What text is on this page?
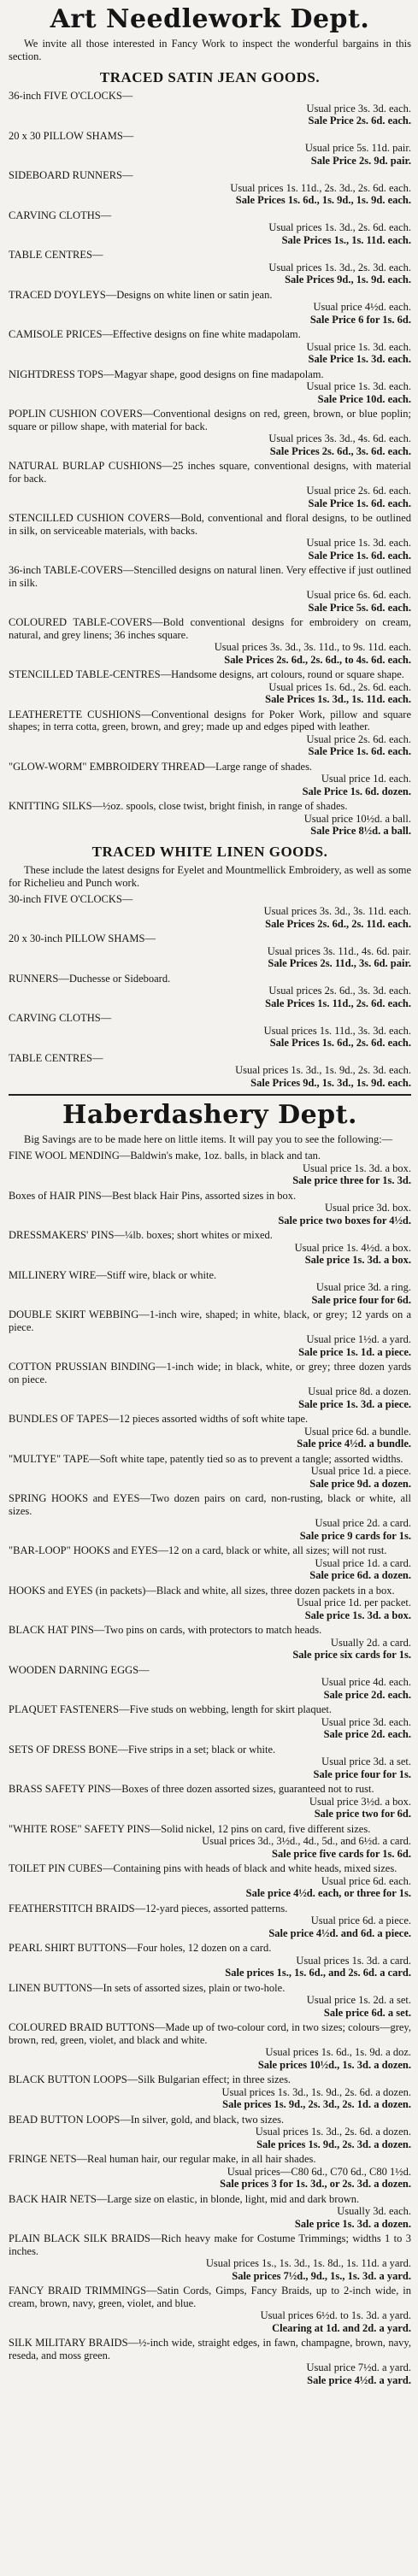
Art Needlework Dept.

We invite all those interested in Fancy Work to inspect the wonderful bargains in this section.

TRACED SATIN JEAN GOODS.
36-inch FIVE O'CLOCKS—
Usual price 3s. 3d. each.
Sale Price 2s. 6d. each.
20 x 30 PILLOW SHAMS—
Usual price 5s. 11d. pair.
Sale Price 2s. 9d. pair.
SIDEBOARD RUNNERS—
Usual prices 1s. 11d., 2s. 3d., 2s. 6d. each.
Sale Prices 1s. 6d., 1s. 9d., 1s. 9d. each.
CARVING CLOTHS—
Usual prices 1s. 3d., 2s. 6d. each.
Sale Prices 1s., 1s. 11d. each.
TABLE CENTRES—
Usual prices 1s. 3d., 2s. 3d. each.
Sale Prices 9d., 1s. 9d. each.
TRACED D'OYLEYS—Designs on white linen or satin jean.
Usual price 4½d. each.
Sale Price 6 for 1s. 6d.
CAMISOLE PRICES—Effective designs on fine white madapolam.
Usual price 1s. 3d. each.
Sale Price 1s. 3d. each.
NIGHTDRESS TOPS—Magyar shape, good designs on fine madapolam.
Usual price 1s. 3d. each.
Sale Price 10d. each.
POPLIN CUSHION COVERS—Conventional designs on red, green, brown, or blue poplin; square or pillow shape, with material for back.
Usual prices 3s. 3d., 4s. 6d. each.
Sale Prices 2s. 6d., 3s. 6d. each.
NATURAL BURLAP CUSHIONS—25 inches square, conventional designs, with material for back.
Usual price 2s. 6d. each.
Sale Price 1s. 6d. each.
STENCILLED CUSHION COVERS—Bold, conventional and floral designs, to be outlined in silk, on serviceable materials, with backs.
Usual price 1s. 3d. each.
Sale Price 1s. 6d. each.
36-inch TABLE-COVERS—Stencilled designs on natural linen. Very effective if just outlined in silk.
Usual price 6s. 6d. each.
Sale Price 5s. 6d. each.
COLOURED TABLE-COVERS—Bold conventional designs for embroidery on cream, natural, and grey linens; 36 inches square.
Usual prices 3s. 3d., 3s. 11d., to 9s. 11d. each.
Sale Prices 2s. 6d., 2s. 6d., to 4s. 6d. each.
STENCILLED TABLE-CENTRES—Handsome designs, art colours, round or square shape.
Usual prices 1s. 6d., 2s. 6d. each.
Sale Prices 1s. 3d., 1s. 11d. each.
LEATHERETTE CUSHIONS—Conventional designs for Poker Work, pillow and square shapes; in terra cotta, green, brown, and grey; made up and edges piped with leather.
Usual price 2s. 6d. each.
Sale Price 1s. 6d. each.
"GLOW-WORM" EMBROIDERY THREAD—Large range of shades.
Usual price 1d. each.
Sale Price 1s. 6d. dozen.
KNITTING SILKS—½oz. spools, close twist, bright finish, in range of shades.
Usual price 10½d. a ball.
Sale Price 8½d. a ball.
TRACED WHITE LINEN GOODS.

These include the latest designs for Eyelet and Mountmellick Embroidery, as well as some for Richelieu and Punch work.

30-inch FIVE O'CLOCKS—
Usual prices 3s. 3d., 3s. 11d. each.
Sale Prices 2s. 6d., 2s. 11d. each.
20 x 30-inch PILLOW SHAMS—
Usual prices 3s. 11d., 4s. 6d. pair.
Sale Prices 2s. 11d., 3s. 6d. pair.
RUNNERS—Duchesse or Sideboard.
Usual prices 2s. 6d., 3s. 3d. each.
Sale Prices 1s. 11d., 2s. 6d. each.
CARVING CLOTHS—
Usual prices 1s. 11d., 3s. 3d. each.
Sale Prices 1s. 6d., 2s. 6d. each.
TABLE CENTRES—
Usual prices 1s. 3d., 1s. 9d., 2s. 3d. each.
Sale Prices 9d., 1s. 3d., 1s. 9d. each.
Haberdashery Dept.

Big Savings are to be made here on little items. It will pay you to see the following:—

FINE WOOL MENDING—Baldwin's make, 1oz. balls, in black and tan.
Usual price 1s. 3d. a box.
Sale price three for 1s. 3d.
Boxes of HAIR PINS—Best black Hair Pins, assorted sizes in box.
Usual price 3d. box.
Sale price two boxes for 4½d.
DRESSMAKERS' PINS—¼lb. boxes; short whites or mixed.
Usual price 1s. 4½d. a box.
Sale price 1s. 3d. a box.
MILLINERY WIRE—Stiff wire, black or white.
Usual price 3d. a ring.
Sale price four for 6d.
DOUBLE SKIRT WEBBING—1-inch wire, shaped; in white, black, or grey; 12 yards on a piece.
Usual price 1½d. a yard.
Sale price 1s. 1d. a piece.
COTTON PRUSSIAN BINDING—1-inch wide; in black, white, or grey; three dozen yards on piece.
Usual price 8d. a dozen.
Sale price 1s. 3d. a piece.
BUNDLES OF TAPES—12 pieces assorted widths of soft white tape.
Usual price 6d. a bundle.
Sale price 4½d. a bundle.
"MULTYE" TAPE—Soft white tape, patently tied so as to prevent a tangle; assorted widths.
Usual price 1d. a piece.
Sale price 9d. a dozen.
SPRING HOOKS and EYES—Two dozen pairs on card, non-rusting, black or white, all sizes.
Usual price 2d. a card.
Sale price 9 cards for 1s.
"BAR-LOOP" HOOKS and EYES—12 on a card, black or white, all sizes; will not rust.
Usual price 1d. a card.
Sale price 6d. a dozen.
HOOKS and EYES (in packets)—Black and white, all sizes, three dozen packets in a box.
Usual price 1d. per packet.
Sale price 1s. 3d. a box.
BLACK HAT PINS—Two pins on cards, with protectors to match heads.
Usually 2d. a card.
Sale price six cards for 1s.
WOODEN DARNING EGGS—
Usual price 4d. each.
Sale price 2d. each.
PLAQUET FASTENERS—Five studs on webbing, length for skirt plaquet.
Usual price 3d. each.
Sale price 2d. each.
SETS OF DRESS BONE—Five strips in a set; black or white.
Usual price 3d. a set.
Sale price four for 1s.
BRASS SAFETY PINS—Boxes of three dozen assorted sizes, guaranteed not to rust.
Usual price 3½d. a box.
Sale price two for 6d.
"WHITE ROSE" SAFETY PINS—Solid nickel, 12 pins on card, five different sizes.
Usual prices 3d., 3½d., 4d., 5d., and 6½d. a card.
Sale price five cards for 1s. 6d.
TOILET PIN CUBES—Containing pins with heads of black and white heads, mixed sizes.
Usual price 6d. each.
Sale price 4½d. each, or three for 1s.
FEATHERSTITCH BRAIDS—12-yard pieces, assorted patterns.
Usual price 6d. a piece.
Sale price 4½d. and 6d. a piece.
PEARL SHIRT BUTTONS—Four holes, 12 dozen on a card.
Usual prices 1s. 3d. a card.
Sale prices 1s., 1s. 6d., and 2s. 6d. a card.
LINEN BUTTONS—In sets of assorted sizes, plain or two-hole.
Usual price 1s. 2d. a set.
Sale price 6d. a set.
COLOURED BRAID BUTTONS—Made up of two-colour cord, in two sizes; colours—grey, brown, red, green, violet, and black and white.
Usual prices 1s. 6d., 1s. 9d. a doz.
Sale prices 10½d., 1s. 3d. a dozen.
BLACK BUTTON LOOPS—Silk Bulgarian effect; in three sizes.
Usual prices 1s. 3d., 1s. 9d., 2s. 6d. a dozen.
Sale prices 1s. 9d., 2s. 3d., 2s. 1d. a dozen.
BEAD BUTTON LOOPS—In silver, gold, and black, two sizes.
Usual prices 1s. 3d., 2s. 6d. a dozen.
Sale prices 1s. 9d., 2s. 3d. a dozen.
FRINGE NETS—Real human hair, our regular make, in all hair shades.
Usual prices—C80 6d., C70 6d., C80 1½d.
Sale prices 3 for 1s. 3d., or 2s. 3d. a dozen.
BACK HAIR NETS—Large size on elastic, in blonde, light, mid and dark brown.
Usually 3d. each.
Sale price 1s. 3d. a dozen.
PLAIN BLACK SILK BRAIDS—Rich heavy make for Costume Trimmings; widths 1 to 3 inches.
Usual prices 1s., 1s. 3d., 1s. 8d., 1s. 11d. a yard.
Sale prices 7½d., 9d., 1s., 1s. 3d. a yard.
FANCY BRAID TRIMMINGS—Satin Cords, Gimps, Fancy Braids, up to 2-inch wide, in cream, brown, navy, green, violet, and blue.
Usual prices 6½d. to 1s. 3d. a yard.
Clearing at 1d. and 2d. a yard.
SILK MILITARY BRAIDS—½-inch wide, straight edges, in fawn, champagne, brown, navy, reseda, and moss green.
Usual price 7½d. a yard.
Sale price 4½d. a yard.
